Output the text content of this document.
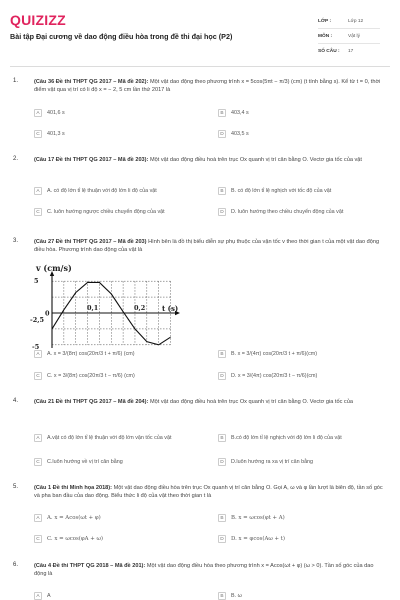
QUIZIZZ
Bài tập Đại cương về dao động điều hòa trong đề thi đại học (P2)
LỚP :	Lớp 12
MÔN :	Vật lý
SỐ CÂU :	17
1.	(Câu 36 Đề thi THPT QG 2017 – Mã đề 202): Một vật dao động theo phương trình x = 5cos(5πt − π/3) (cm) (t tính bằng s). Kể từ t = 0, thời điểm vật qua vị trí có li độ x = − 2, 5 cm lần thứ 2017 là
A	401,6 s	B	403,4 s
C	401,3 s	D	403,5 s
2.	(Câu 17 Đề thi THPT QG 2017 – Mã đề 203): Một vật dao động điều hoà trên trục Ox quanh vị trí cân bằng O. Vectơ gia tốc của vật
A	A. có độ lớn tỉ lệ thuận với độ lớn li độ của vật	B	B. có độ lớn tỉ lệ nghịch với tốc độ của vật
C	C. luôn hướng ngược chiều chuyển động của vật	D	D. luôn hướng theo chiều chuyển động của vật
3.	(Câu 27 Đề thi THPT QG 2017 – Mã đề 203) Hình bên là đồ thị biểu diễn sự phụ thuộc của vận tốc v theo thời gian t của một vật dao động điều hòa. Phương trình dao động của vật là
A	A. x = 3/(8π) cos(20π/3 t + π/6) (cm)	B	B. x = 3/(4π) cos(20π/3 t + π/6)(cm)
C	C. x = 3/(8π) cos(20π/3 t − π/6) (cm)	D	D. x = 3/(4π) cos(20π/3 t − π/6)(cm)
0
v (cm/s)
t (s)
5
-2,5
-5
0,1	0,2
4.	(Câu 21 Đề thi THPT QG 2017 – Mã đề 204): Một vật dao động điều hoà trên trục Ox quanh vị trí cân bằng O. Vectơ gia tốc của
A	A.vật có độ lớn tỉ lệ thuận với độ lớn vận tốc của vật	B	B.có độ lớn tỉ lệ nghịch với độ lớn li độ của vật
C	C.luôn hướng về vị trí cân bằng	D	D.luôn hướng ra xa vị trí cân bằng
5.	(Câu 1 Đề thi Minh họa 2018): Một vật dao động điều hòa trên trục Ox quanh vị trí cân bằng O. Gọi A, ω và φ lần lượt là biên độ, tần số góc và pha ban đầu của dao động. Biểu thức li độ của vật theo thời gian t là
A	A. x = Acos(ωt + φ)	B	B. x = ωcos(φt + A)
C	C. x = ωcos(φA + ω)	D	D. x = φcos(Aω + t)
6.	(Câu 4 Đề thi THPT QG 2018 – Mã đề 201): Một vật dao động điều hòa theo phương trình x = Acos(ωt + φ) (ω > 0). Tần số góc của dao động là
A	A	B	B. ω
